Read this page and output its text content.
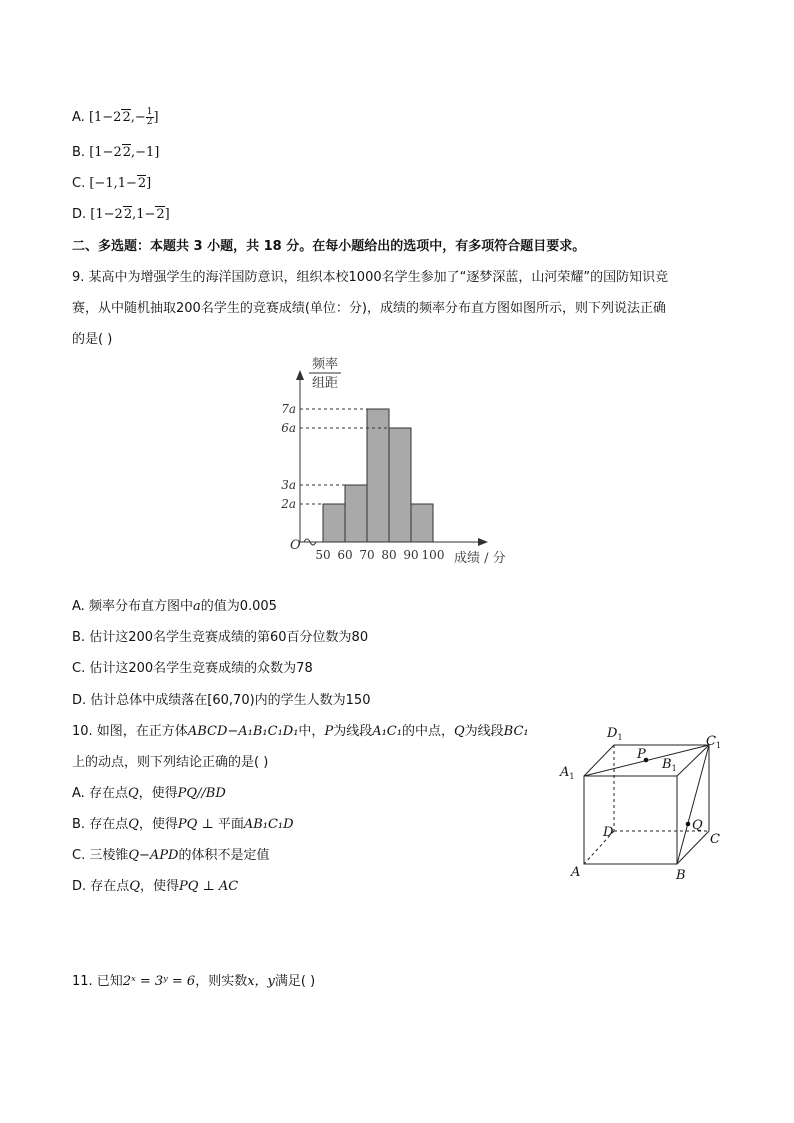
A. [$1-22,- \frac{1}{2}$ ]
B. [1−22,−1]
C. [−1,1−2]
D. [1−22,1−2]
二、多选题：本题共 3 小题，共 18 分。在每小题给出的选项中，有多项符合题目要求。
9. 某高中为增强学生的海洋国防意识，组织本校1000名学生参加了“逐梦深蓝，山河荣耀”的国防知识竞
赛，从中随机抽取200名学生的竞赛成绩(单位：分)，成绩的频率分布直方图如图所示，则下列说法正确
的是( )
频率
组距
7a
6a
3a
2a
50 60 70 80 90 100
O
成绩 / 分
A. 频率分布直方图中a的值为0.005
B. 估计这200名学生竞赛成绩的第60百分位数为80
C. 估计这200名学生竞赛成绩的众数为78
D. 估计总体中成绩落在[60,70)内的学生人数为150
10. 如图，在正方体ABCD−A₁B₁C₁D₁中，P为线段A₁C₁的中点，Q为线段BC₁
上的动点，则下列结论正确的是( )
A. 存在点Q，使得PQ//BD
B. 存在点Q，使得PQ ⊥ 平面AB₁C₁D
C. 三棱锥Q−APD的体积不是定值
D. 存在点Q，使得PQ ⊥ AC
$D_1$	$C_1$
$A_1$
$B_1$
P
Q
D	C
A	B
11. 已知2ˣ = 3ʸ = 6，则实数x，y满足( )
